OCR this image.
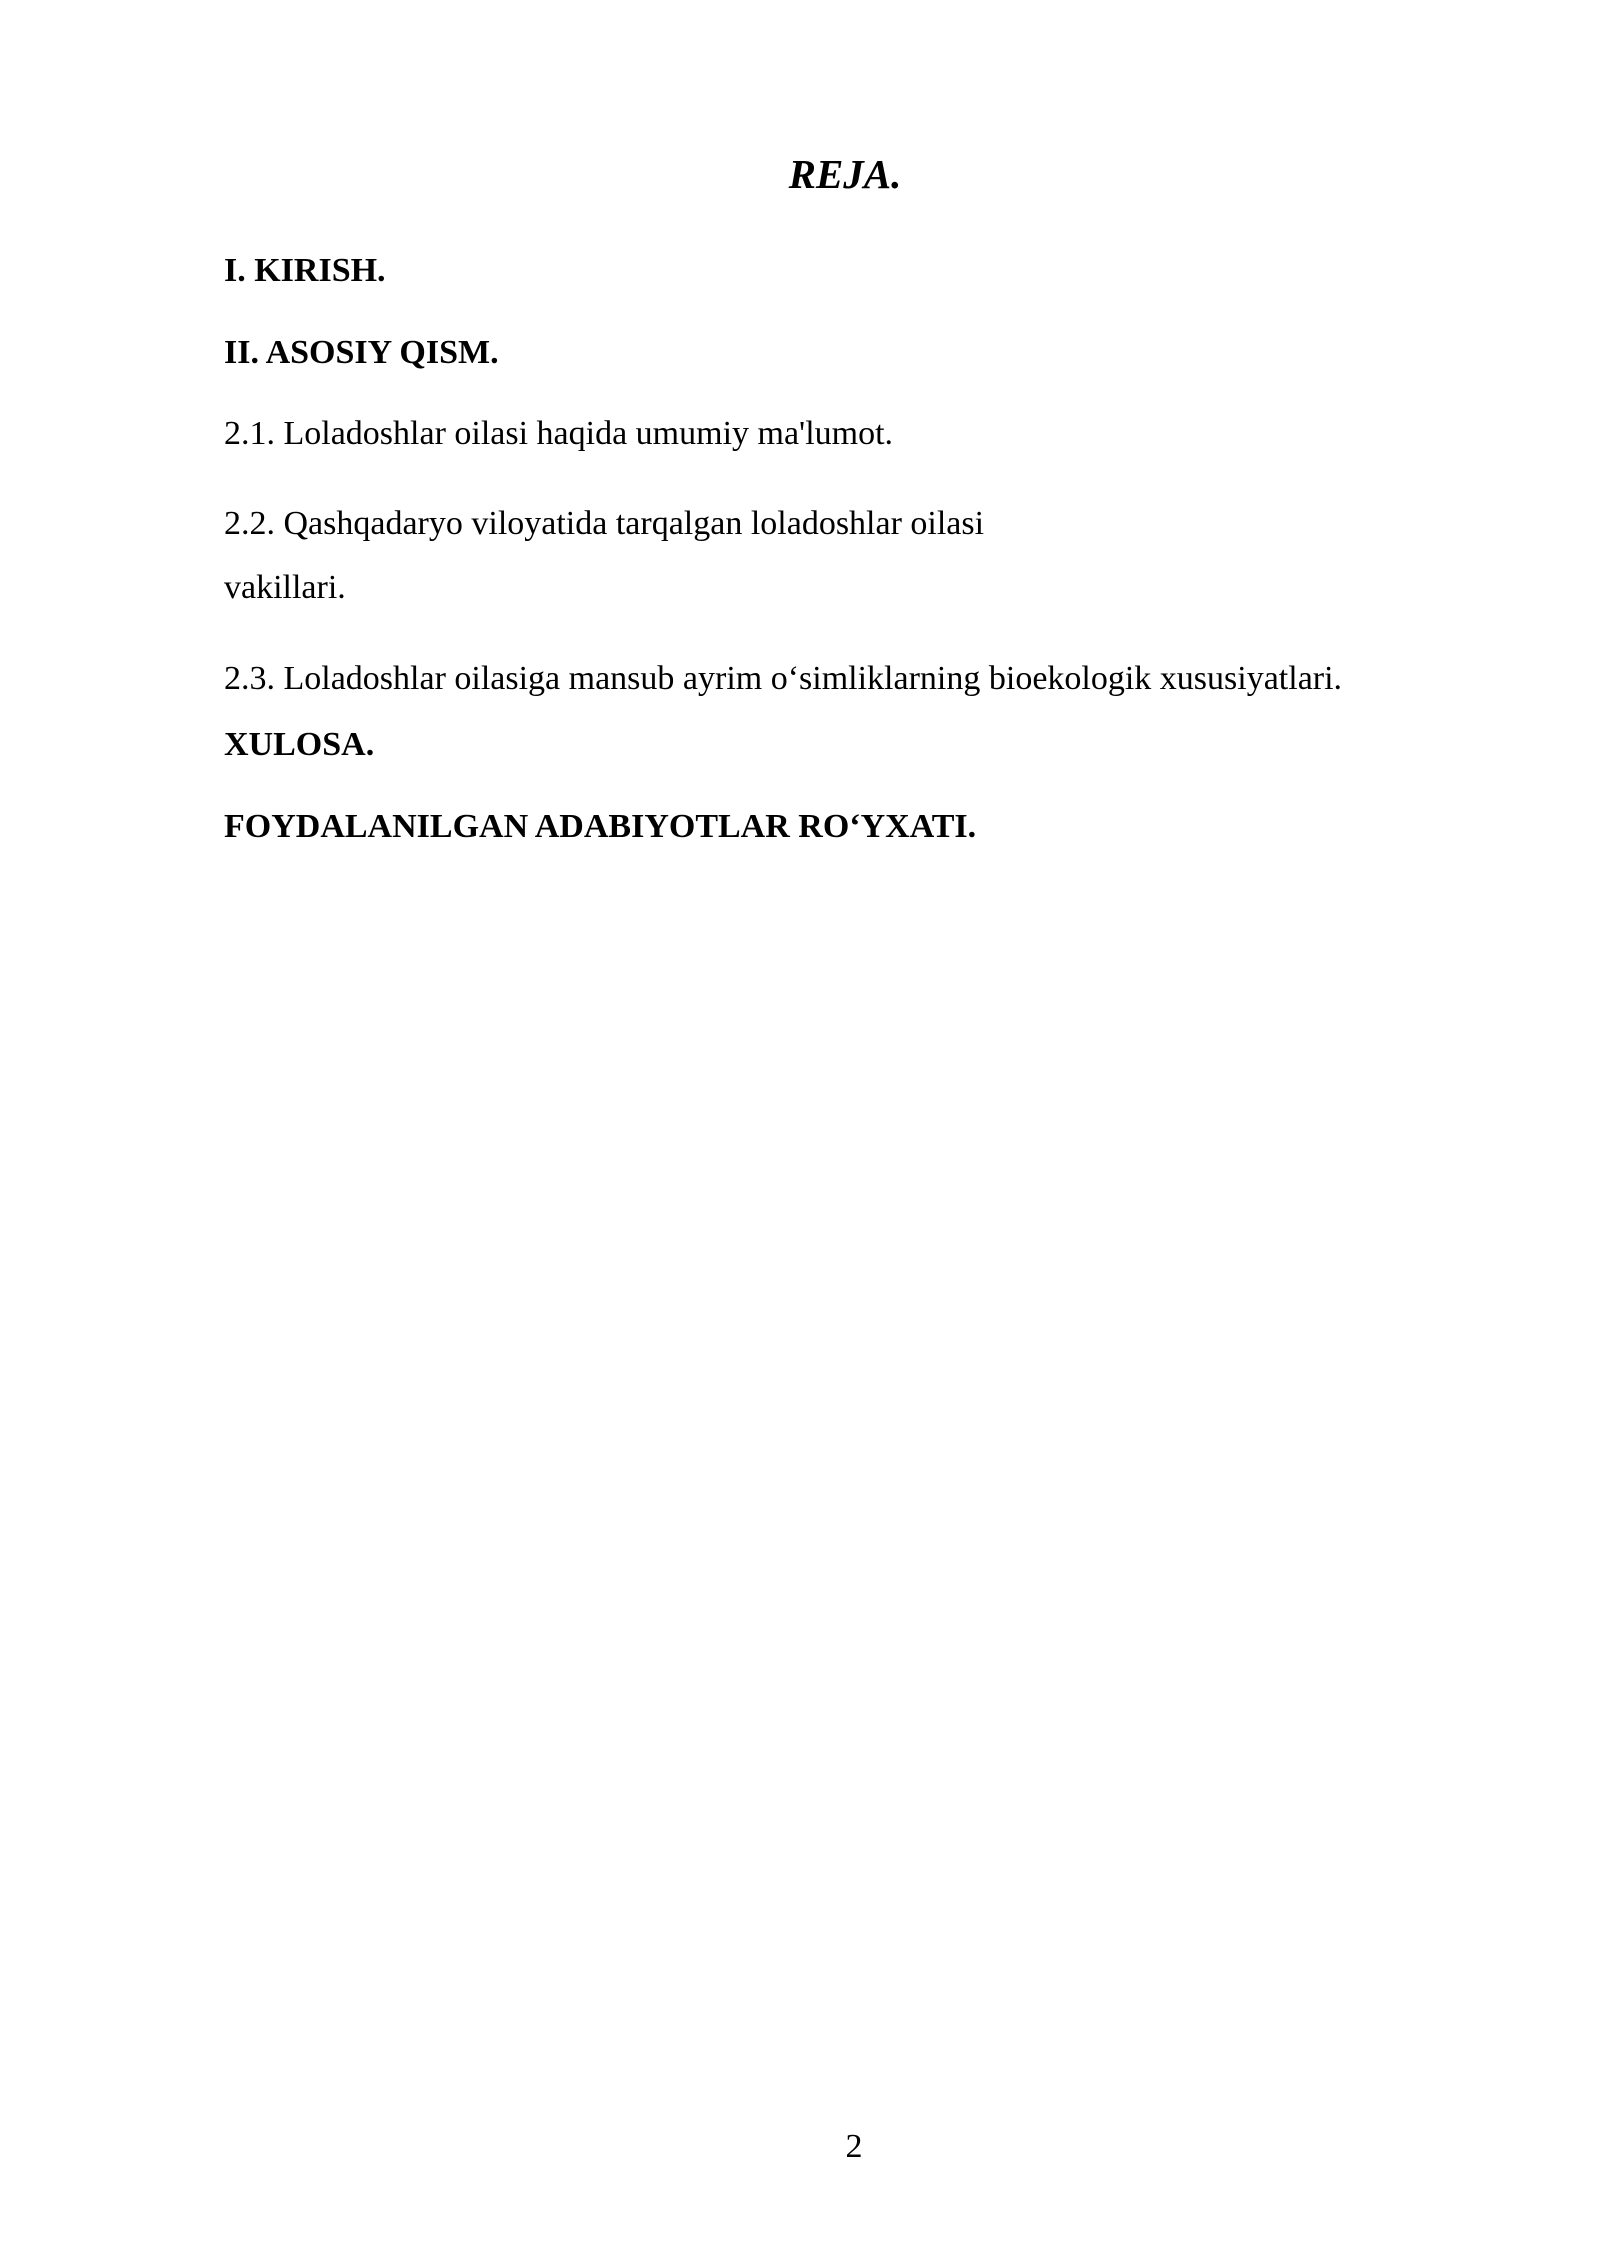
REJA.

I. KIRISH.

II. ASOSIY QISM.

2.1. Loladoshlar oilasi haqida umumiy ma'lumot.

2.2. Qashqadaryo viloyatida tarqalgan loladoshlar oilasi vakillari.

2.3. Loladoshlar oilasiga mansub ayrim o‘simliklarning bioekologik xususiyatlari.

XULOSA.

FOYDALANILGAN ADABIYOTLAR RO‘YXATI.

2
